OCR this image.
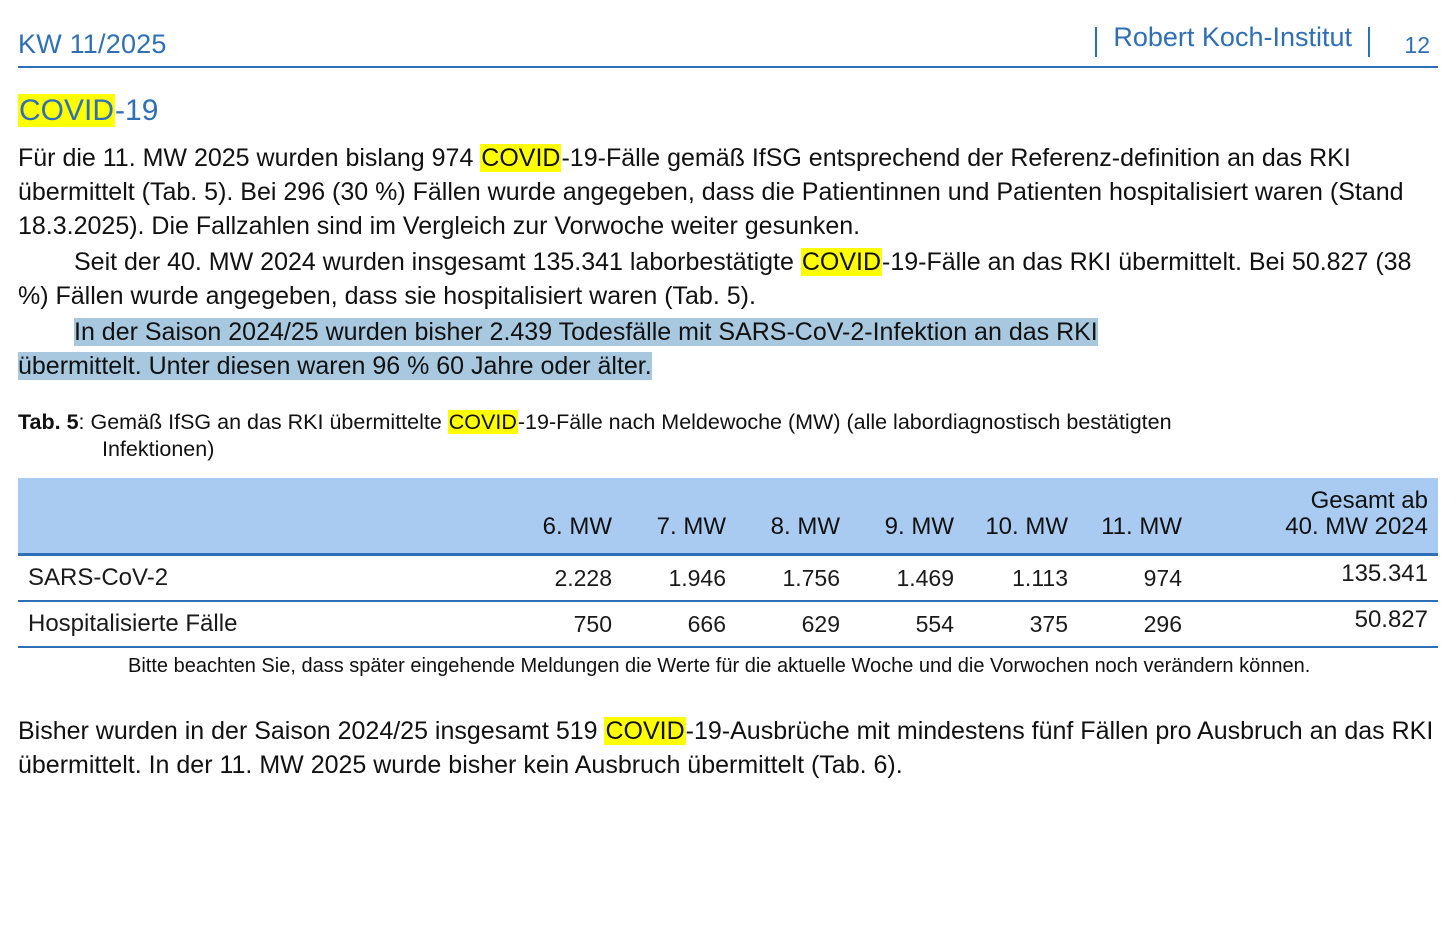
KW 11/2025	Robert Koch-Institut	12
COVID-19
Für die 11. MW 2025 wurden bislang 974 COVID-19-Fälle gemäß IfSG entsprechend der Referenz-definition an das RKI übermittelt (Tab. 5). Bei 296 (30 %) Fällen wurde angegeben, dass die Patientinnen und Patienten hospitalisiert waren (Stand 18.3.2025). Die Fallzahlen sind im Vergleich zur Vorwoche weiter gesunken.
Seit der 40. MW 2024 wurden insgesamt 135.341 laborbestätigte COVID-19-Fälle an das RKI übermittelt. Bei 50.827 (38 %) Fällen wurde angegeben, dass sie hospitalisiert waren (Tab. 5).
In der Saison 2024/25 wurden bisher 2.439 Todesfälle mit SARS-CoV-2-Infektion an das RKI
übermittelt. Unter diesen waren 96 % 60 Jahre oder älter.
Tab. 5: Gemäß IfSG an das RKI übermittelte COVID-19-Fälle nach Meldewoche (MW) (alle labordiagnostisch bestätigten
Infektionen)
	6. MW	7. MW	8. MW	9. MW	10. MW	11. MW	Gesamt ab
40. MW 2024
SARS-CoV-2	2.228	1.946	1.756	1.469	1.113	974	135.341
Hospitalisierte Fälle	750	666	629	554	375	296	50.827
Bitte beachten Sie, dass später eingehende Meldungen die Werte für die aktuelle Woche und die Vorwochen noch verändern können.
Bisher wurden in der Saison 2024/25 insgesamt 519 COVID-19-Ausbrüche mit mindestens fünf Fällen pro Ausbruch an das RKI übermittelt. In der 11. MW 2025 wurde bisher kein Ausbruch übermittelt (Tab. 6).
